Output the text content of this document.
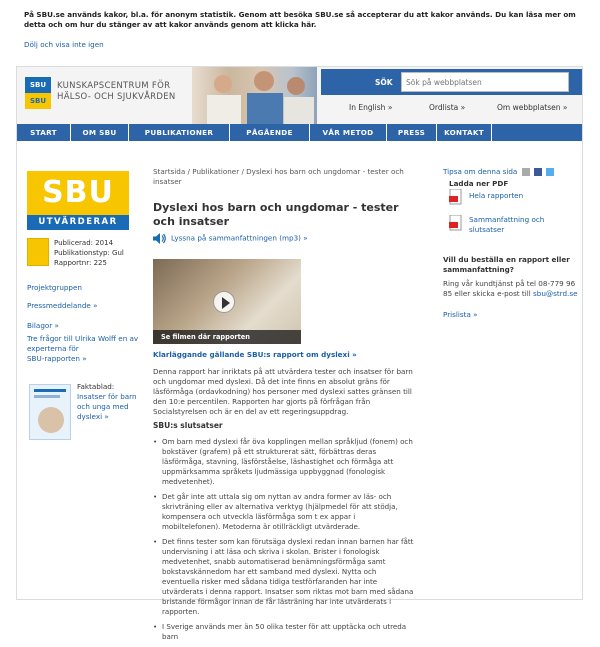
På SBU.se används kakor, bl.a. för anonym statistik. Genom att besöka SBU.se så accepterar du att kakor används. Du kan läsa mer om detta och om hur du stänger av att kakor används genom att klicka här.
Dölj och visa inte igen
SBU
SBU
KUNSKAPSCENTRUM FÖR
HÄLSO- OCH SJUKVÅRDEN
SÖK
Sök på webbplatsen
In English »	Ordlista »	Om webbplatsen »
START	OM SBU	PUBLIKATIONER	PÅGÅENDE	VÅR METOD	PRESS	KONTAKT
SBU
UTVÄRDERAR
Publicerad: 2014
Publikationstyp: Gul
Rapportnr: 225
Projektgruppen
Pressmeddelande »
Bilagor »
Tre frågor till Ulrika Wolff en av
experterna för
SBU-rapporten »
Faktablad:
Insatser för barn
och unga med
dyslexi »
Startsida / Publikationer / Dyslexi hos barn och ungdomar - tester och insatser
Dyslexi hos barn och ungdomar - tester och insatser
Lyssna på sammanfattningen (mp3) »
Se filmen där rapporten
Klarläggande gällande SBU:s rapport om dyslexi »
Denna rapport har inriktats på att utvärdera tester och insatser för barn och ungdomar med dyslexi. Då det inte finns en absolut gräns för läsförmåga (ordavkodning) hos personer med dyslexi sattes gränsen till den 10:e percentilen. Rapporten har gjorts på förfrågan från Socialstyrelsen och är en del av ett regeringsuppdrag.
SBU:s slutsatser
• Om barn med dyslexi får öva kopplingen mellan språkljud (fonem) och bokstäver (grafem) på ett strukturerat sätt, förbättras deras läsförmåga, stavning, läsförståelse, läshastighet och förmåga att uppmärksamma språkets ljudmässiga uppbyggnad (fonologisk medvetenhet).
• Det går inte att uttala sig om nyttan av andra former av läs- och skrivträning eller av alternativa verktyg (hjälpmedel för att stödja, kompensera och utveckla läsförmåga som t ex appar i mobiltelefonen). Metoderna är otillräckligt utvärderade.
• Det finns tester som kan förutsäga dyslexi redan innan barnen har fått undervisning i att läsa och skriva i skolan. Brister i fonologisk medvetenhet, snabb automatiserad benämningsförmåga samt bokstavskännedom har ett samband med dyslexi. Nytta och eventuella risker med sådana tidiga testförfaranden har inte utvärderats i denna rapport. Insatser som riktas mot barn med sådana bristande förmågor innan de får lästräning har inte utvärderats i rapporten.
• I Sverige används mer än 50 olika tester för att upptäcka och utreda barn
Tipsa om denna sida
Ladda ner PDF
Hela rapporten
Sammanfattning och
slutsatser
Vill du beställa en rapport eller sammanfattning?
Ring vår kundtjänst på tel 08-779 96 85 eller skicka e-post till sbu@strd.se
Prislista »
